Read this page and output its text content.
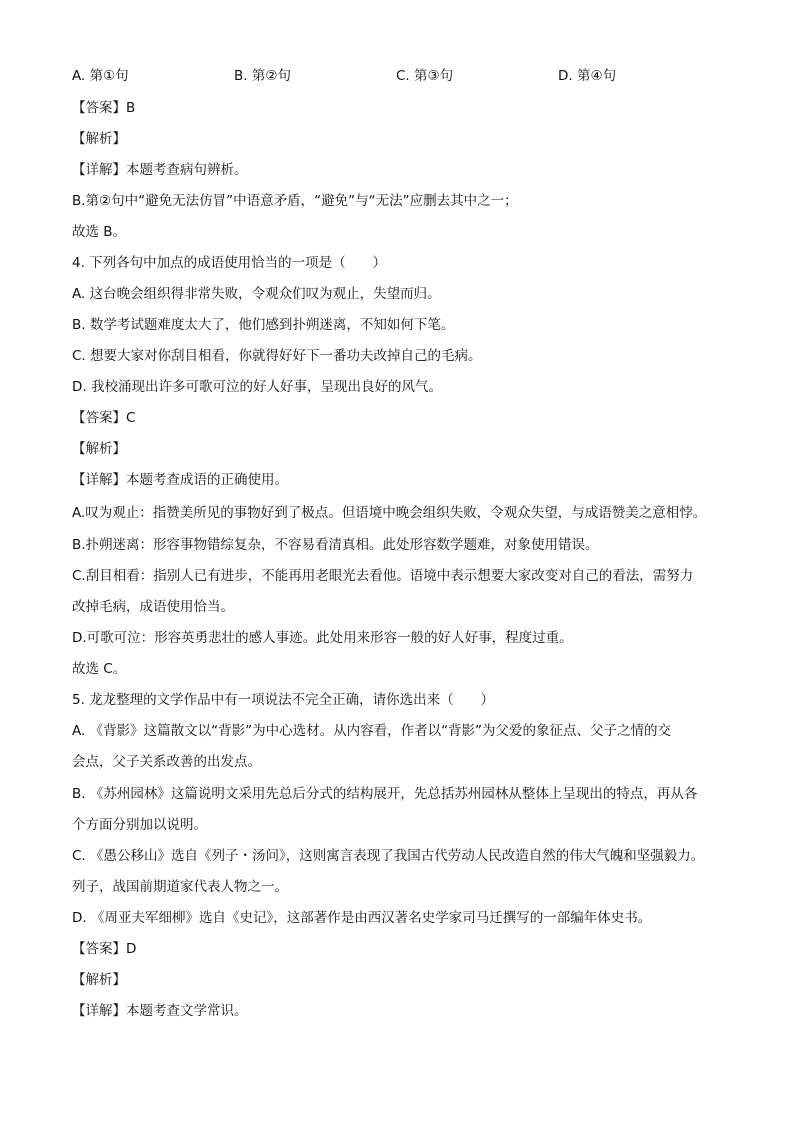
A. 第①句	B. 第②句	C. 第③句	D. 第④句
【答案】B
【解析】
【详解】本题考查病句辨析。
B.第②句中“避免无法仿冒”中语意矛盾，“避免”与“无法”应删去其中之一；
故选 B。
4. 下列各句中加点的成语使用恰当的一项是（　　）
A. 这台晚会组织得非常失败，令观众们叹为观止，失望而归。
B. 数学考试题难度太大了，他们感到扑朔迷离，不知如何下笔。
C. 想要大家对你刮目相看，你就得好好下一番功夫改掉自己的毛病。
D. 我校涌现出许多可歌可泣的好人好事，呈现出良好的风气。
【答案】C
【解析】
【详解】本题考查成语的正确使用。
A.叹为观止：指赞美所见的事物好到了极点。但语境中晚会组织失败，令观众失望，与成语赞美之意相悖。
B.扑朔迷离：形容事物错综复杂，不容易看清真相。此处形容数学题难，对象使用错误。
C.刮目相看：指别人已有进步，不能再用老眼光去看他。语境中表示想要大家改变对自己的看法，需努力
改掉毛病，成语使用恰当。
D.可歌可泣：形容英勇悲壮的感人事迹。此处用来形容一般的好人好事，程度过重。
故选 C。
5. 龙龙整理的文学作品中有一项说法不完全正确，请你选出来（　　）
A. 《背影》这篇散文以“背影”为中心选材。从内容看，作者以“背影”为父爱的象征点、父子之情的交
会点，父子关系改善的出发点。
B. 《苏州园林》这篇说明文采用先总后分式的结构展开，先总括苏州园林从整体上呈现出的特点，再从各
个方面分别加以说明。
C. 《愚公移山》选自《列子・汤问》，这则寓言表现了我国古代劳动人民改造自然的伟大气魄和坚强毅力。
列子，战国前期道家代表人物之一。
D. 《周亚夫军细柳》选自《史记》，这部著作是由西汉著名史学家司马迁撰写的一部编年体史书。
【答案】D
【解析】
【详解】本题考查文学常识。
